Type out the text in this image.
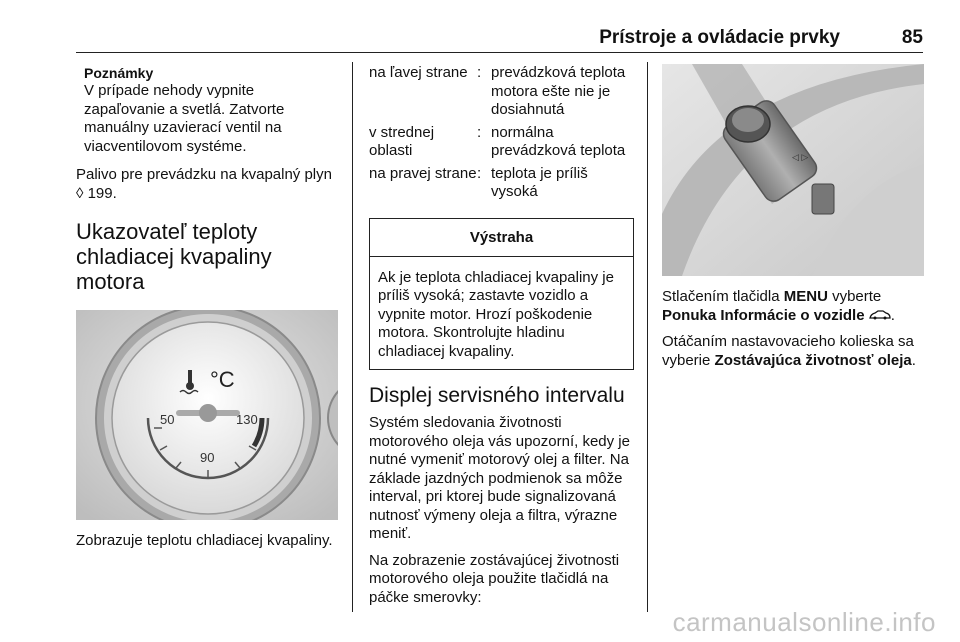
Prístroje a ovládacie prvky	85
Poznámky
V prípade nehody vypnite zapaľovanie a svetlá. Zatvorte manuálny uzavierací ventil na viacventilovom systéme.

Palivo pre prevádzku na kvapalný plyn ◊ 199.

Ukazovateľ teploty chladiacej kvapaliny motora
°C
50	130
90

Zobrazuje teplotu chladiacej kvapaliny.

na ľavej strane	:	prevádzková teplota motora ešte nie je dosiahnutá
v strednej oblasti	:	normálna prevádzková teplota
na pravej strane	:	teplota je príliš vysoká
Výstraha
Ak je teplota chladiacej kvapaliny je príliš vysoká; zastavte vozidlo a vypnite motor. Hrozí poškodenie motora. Skontrolujte hladinu chladiacej kvapaliny.
Displej servisného intervalu

Systém sledovania životnosti motorového oleja vás upozorní, kedy je nutné vymeniť motorový olej a filter. Na základe jazdných podmienok sa môže interval, pri ktorej bude signalizovaná nutnosť výmeny oleja a filtra, výrazne meniť.

Na zobrazenie zostávajúcej životnosti motorového oleja použite tlačidlá na páčke smerovky:

◁ ▷

Stlačením tlačidla MENU vyberte Ponuka Informácie o vozidle .

Otáčaním nastavovacieho kolieska sa vyberie Zostávajúca životnosť oleja.

carmanualsonline.info
